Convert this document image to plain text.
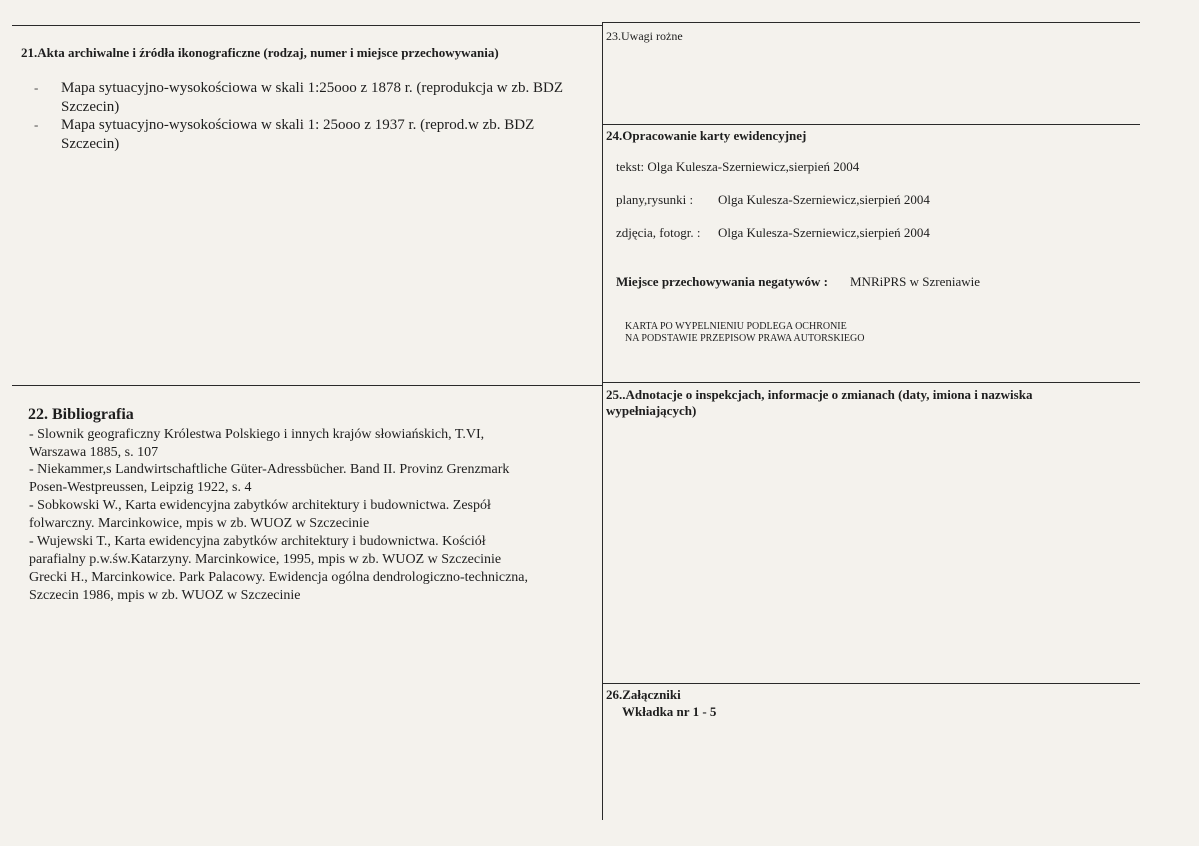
21.Akta archiwalne i źródła ikonograficzne (rodzaj, numer i miejsce przechowywania)
- Mapa sytuacyjno-wysokościowa w skali 1:25ooo z 1878 r. (reprodukcja w zb. BDZ
Szczecin)
- Mapa sytuacyjno-wysokościowa w skali 1: 25ooo z 1937 r. (reprod.w zb. BDZ
Szczecin)
22. Bibliografia
- Slownik geograficzny Królestwa Polskiego i innych krajów słowiańskich, T.VI,
Warszawa 1885, s. 107
- Niekammer,s Landwirtschaftliche Güter-Adressbücher. Band II. Provinz Grenzmark
Posen-Westpreussen, Leipzig 1922, s. 4
- Sobkowski W., Karta ewidencyjna zabytków architektury i budownictwa. Zespół
folwarczny. Marcinkowice, mpis w zb. WUOZ w Szczecinie
- Wujewski T., Karta ewidencyjna zabytków architektury i budownictwa. Kościół
parafialny p.w.św.Katarzyny. Marcinkowice, 1995, mpis w zb. WUOZ w Szczecinie
Grecki H., Marcinkowice. Park Palacowy. Ewidencja ogólna dendrologiczno-techniczna,
Szczecin 1986, mpis w zb. WUOZ w Szczecinie
23.Uwagi rożne
24.Opracowanie karty ewidencyjnej
tekst: Olga Kulesza-Szerniewicz,sierpień 2004
plany,rysunki : Olga Kulesza-Szerniewicz,sierpień 2004
zdjęcia, fotogr. : Olga Kulesza-Szerniewicz,sierpień 2004
Miejsce przechowywania negatywów : MNRiPRS w Szreniawie
KARTA PO WYPELNIENIU PODLEGA OCHRONIE
NA PODSTAWIE PRZEPISOW PRAWA AUTORSKIEGO
25..Adnotacje o inspekcjach, informacje o zmianach (daty, imiona i nazwiska
wypełniających)
26.Załączniki
Wkładka nr 1 - 5
